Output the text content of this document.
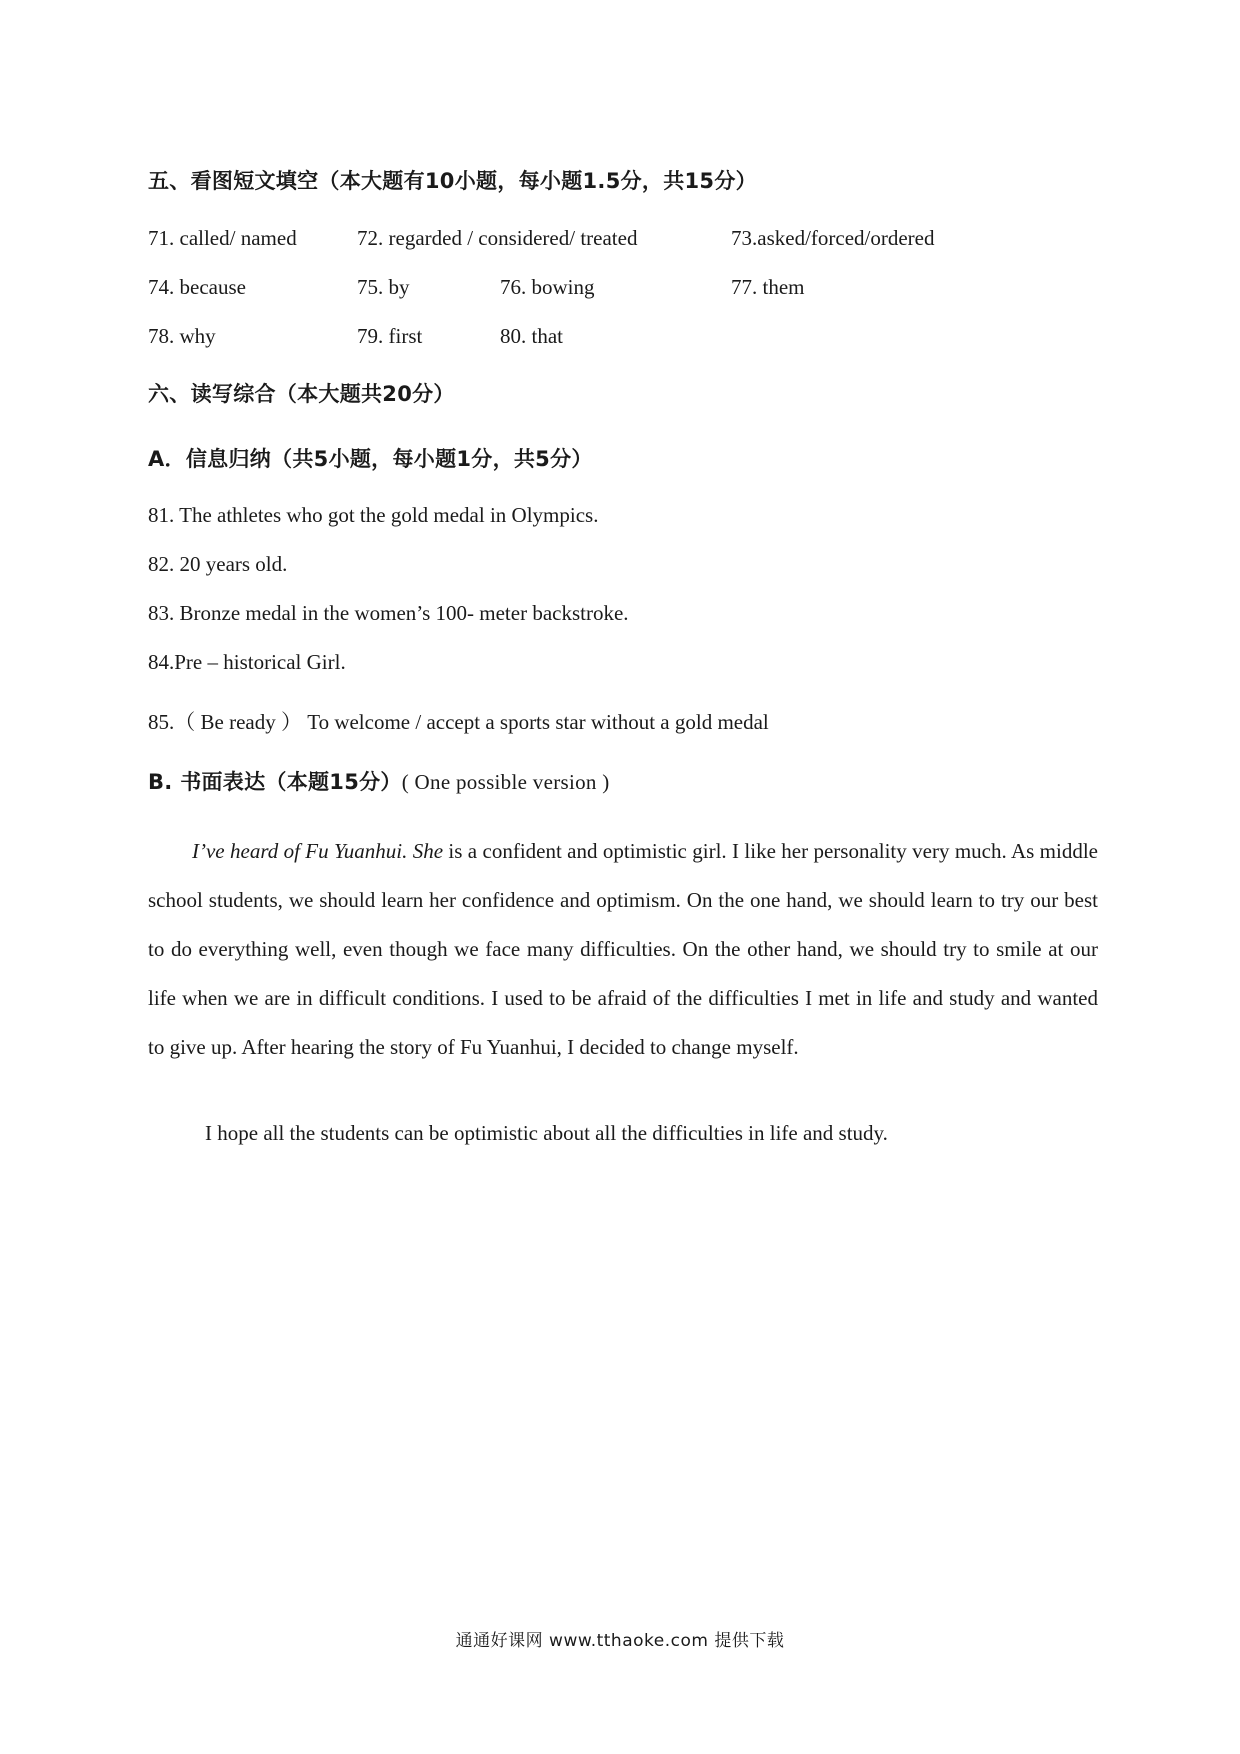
五、看图短文填空（本大题有10小题，每小题1.5分，共15分）
71. called/ named	72. regarded / considered/ treated	73.asked/forced/ordered
74. because	75. by	76. bowing	77. them
78. why	79. first	80. that
六、读写综合（本大题共20分）
A．信息归纳（共5小题，每小题1分，共5分）
81. The athletes who got the gold medal in Olympics.
82. 20 years old.
83. Bronze medal in the women’s 100- meter backstroke.
84.Pre – historical Girl.
85.（ Be ready ） To welcome / accept a sports star without a gold medal
B. 书面表达（本题15分）( One possible version )

I’ve heard of Fu Yuanhui. She is a confident and optimistic girl. I like her personality very much. As middle school students, we should learn her confidence and optimism. On the one hand, we should learn to try our best to do everything well, even though we face many difficulties. On the other hand, we should try to smile at our life when we are in difficult conditions. I used to be afraid of the difficulties I met in life and study and wanted to give up. After hearing the story of Fu Yuanhui, I decided to change myself.

I hope all the students can be optimistic about all the difficulties in life and study.

通通好课网 www.tthaoke.com 提供下载
